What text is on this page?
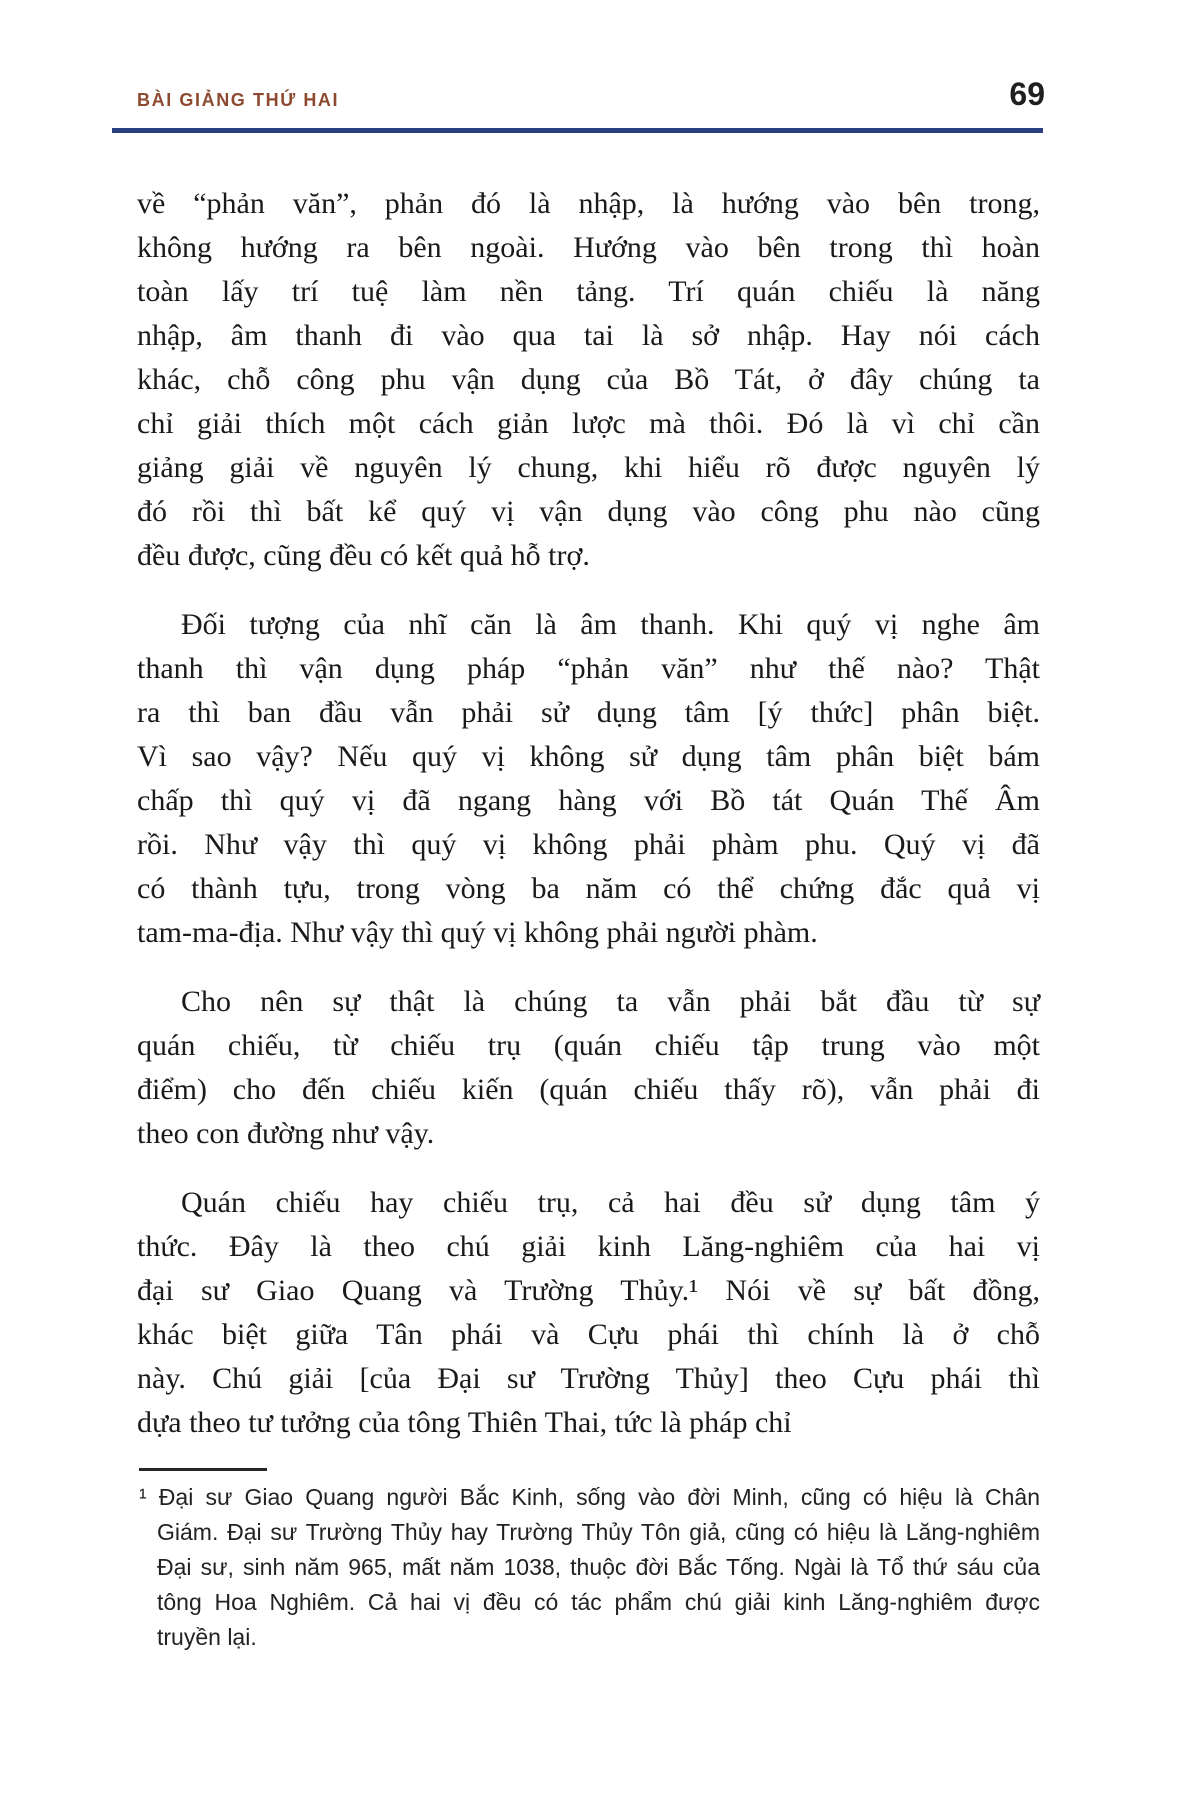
BÀI GIẢNG THỨ HAI	69
về “phản văn”, phản đó là nhập, là hướng vào bên trong,
không hướng ra bên ngoài. Hướng vào bên trong thì hoàn
toàn lấy trí tuệ làm nền tảng. Trí quán chiếu là năng
nhập, âm thanh đi vào qua tai là sở nhập. Hay nói cách
khác, chỗ công phu vận dụng của Bồ Tát, ở đây chúng ta
chỉ giải thích một cách giản lược mà thôi. Đó là vì chỉ cần
giảng giải về nguyên lý chung, khi hiểu rõ được nguyên lý
đó rồi thì bất kể quý vị vận dụng vào công phu nào cũng
đều được, cũng đều có kết quả hỗ trợ.
Đối tượng của nhĩ căn là âm thanh. Khi quý vị nghe âm
thanh thì vận dụng pháp “phản văn” như thế nào? Thật
ra thì ban đầu vẫn phải sử dụng tâm [ý thức] phân biệt.
Vì sao vậy? Nếu quý vị không sử dụng tâm phân biệt bám
chấp thì quý vị đã ngang hàng với Bồ tát Quán Thế Âm
rồi. Như vậy thì quý vị không phải phàm phu. Quý vị đã
có thành tựu, trong vòng ba năm có thể chứng đắc quả vị
tam-ma-địa. Như vậy thì quý vị không phải người phàm.
Cho nên sự thật là chúng ta vẫn phải bắt đầu từ sự
quán chiếu, từ chiếu trụ (quán chiếu tập trung vào một
điểm) cho đến chiếu kiến (quán chiếu thấy rõ), vẫn phải đi
theo con đường như vậy.
Quán chiếu hay chiếu trụ, cả hai đều sử dụng tâm ý
thức. Đây là theo chú giải kinh Lăng-nghiêm của hai vị
đại sư Giao Quang và Trường Thủy.¹ Nói về sự bất đồng,
khác biệt giữa Tân phái và Cựu phái thì chính là ở chỗ
này. Chú giải [của Đại sư Trường Thủy] theo Cựu phái thì
dựa theo tư tưởng của tông Thiên Thai, tức là pháp chỉ
¹ Đại sư Giao Quang người Bắc Kinh, sống vào đời Minh, cũng có hiệu là Chân
Giám. Đại sư Trường Thủy hay Trường Thủy Tôn giả, cũng có hiệu là Lăng-nghiêm
Đại sư, sinh năm 965, mất năm 1038, thuộc đời Bắc Tống. Ngài là Tổ thứ sáu của
tông Hoa Nghiêm. Cả hai vị đều có tác phẩm chú giải kinh Lăng-nghiêm được
truyền lại.
